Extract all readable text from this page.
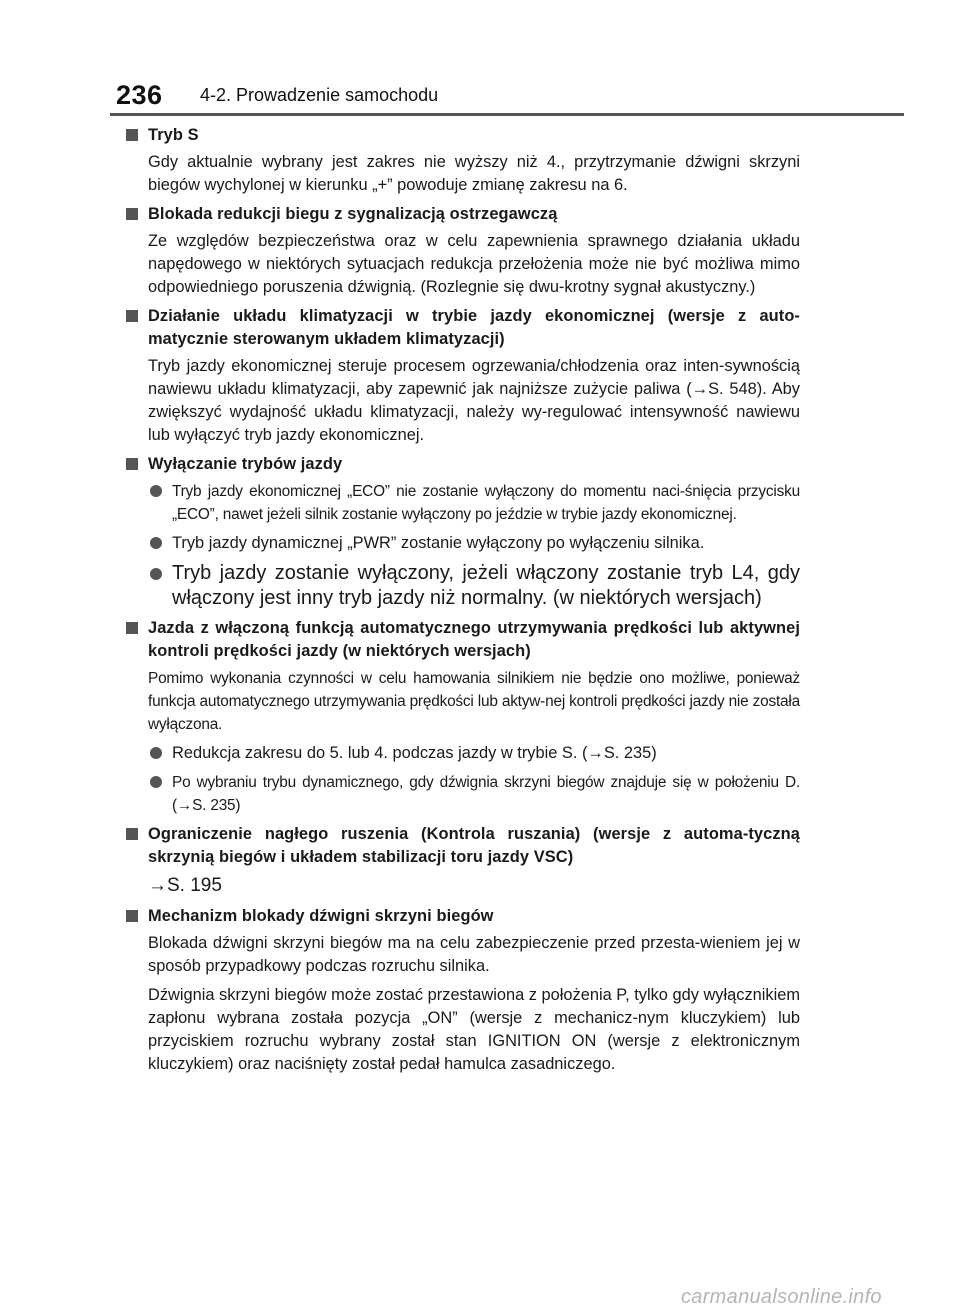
236 4-2. Prowadzenie samochodu
Tryb S
Gdy aktualnie wybrany jest zakres nie wyższy niż 4., przytrzymanie dźwigni skrzyni biegów wychylonej w kierunku „+” powoduje zmianę zakresu na 6.
Blokada redukcji biegu z sygnalizacją ostrzegawczą
Ze względów bezpieczeństwa oraz w celu zapewnienia sprawnego działania układu napędowego w niektórych sytuacjach redukcja przełożenia może nie być możliwa mimo odpowiedniego poruszenia dźwignią. (Rozlegnie się dwu-krotny sygnał akustyczny.)
Działanie układu klimatyzacji w trybie jazdy ekonomicznej (wersje z auto-matycznie sterowanym układem klimatyzacji)
Tryb jazdy ekonomicznej steruje procesem ogrzewania/chłodzenia oraz inten-sywnością nawiewu układu klimatyzacji, aby zapewnić jak najniższe zużycie paliwa (→S. 548). Aby zwiększyć wydajność układu klimatyzacji, należy wy-regulować intensywność nawiewu lub wyłączyć tryb jazdy ekonomicznej.
Wyłączanie trybów jazdy
Tryb jazdy ekonomicznej „ECO” nie zostanie wyłączony do momentu naci-śnięcia przycisku „ECO”, nawet jeżeli silnik zostanie wyłączony po jeździe w trybie jazdy ekonomicznej.
Tryb jazdy dynamicznej „PWR” zostanie wyłączony po wyłączeniu silnika.
Tryb jazdy zostanie wyłączony, jeżeli włączony zostanie tryb L4, gdy włączony jest inny tryb jazdy niż normalny. (w niektórych wersjach)
Jazda z włączoną funkcją automatycznego utrzymywania prędkości lub aktywnej kontroli prędkości jazdy (w niektórych wersjach)
Pomimo wykonania czynności w celu hamowania silnikiem nie będzie ono możliwe, ponieważ funkcja automatycznego utrzymywania prędkości lub aktyw-nej kontroli prędkości jazdy nie została wyłączona.
Redukcja zakresu do 5. lub 4. podczas jazdy w trybie S. (→S. 235)
Po wybraniu trybu dynamicznego, gdy dźwignia skrzyni biegów znajduje się w położeniu D. (→S. 235)
Ograniczenie nagłego ruszenia (Kontrola ruszania) (wersje z automa-tyczną skrzynią biegów i układem stabilizacji toru jazdy VSC)
→S. 195
Mechanizm blokady dźwigni skrzyni biegów
Blokada dźwigni skrzyni biegów ma na celu zabezpieczenie przed przesta-wieniem jej w sposób przypadkowy podczas rozruchu silnika.
Dźwignia skrzyni biegów może zostać przestawiona z położenia P, tylko gdy wyłącznikiem zapłonu wybrana została pozycja „ON” (wersje z mechanicz-nym kluczykiem) lub przyciskiem rozruchu wybrany został stan IGNITION ON (wersje z elektronicznym kluczykiem) oraz naciśnięty został pedał hamulca zasadniczego.
carmanualsonline.info
